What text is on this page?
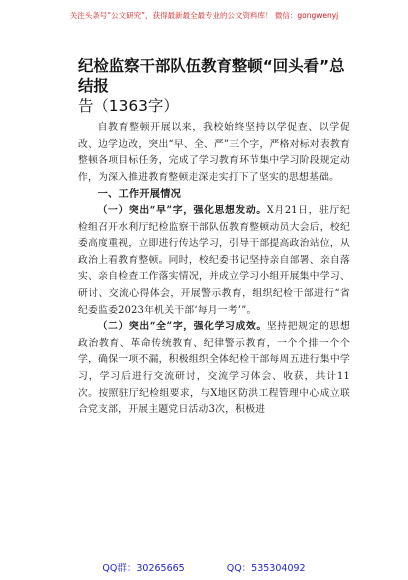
关注头条号“公文研究”，获得最新最全最专业的公文资料库！ 微信：gongwenyj
纪检监察干部队伍教育整顿“回头看”总结报
告（1363字）

自教育整顿开展以来，我校始终坚持以学促查、以学促改、边学边改，突出“早、全、严”三个字，严格对标对表教育整顿各项目标任务，完成了学习教育环节集中学习阶段规定动作，为深入推进教育整顿走深走实打下了坚实的思想基础。

一、工作开展情况

（一）突出“早”字，强化思想发动。X月21日，驻厅纪检组召开水利厅纪检监察干部队伍教育整顿动员大会后，校纪委高度重视，立即进行传达学习，引导干部提高政治站位，从政治上看教育整顿。同时，校纪委书记坚持亲自部署、亲自落实、亲自检查工作落实情况，并成立学习小组开展集中学习、研讨、交流心得体会，开展警示教育，组织纪检干部进行“省纪委监委2023年机关干部‘每月一考’”。

（二）突出“全”字，强化学习成效。坚持把规定的思想政治教育、革命传统教育、纪律警示教育，一个个排一个个学，确保一项不漏，积极组织全体纪检干部每周五进行集中学习，学习后进行交流研讨，交流学习体会、收获，共计11次。按照驻厅纪检组要求，与X地区防洪工程管理中心成立联合党支部，开展主题党日活动3次，积极进

QQ群：30265665	QQ：535304092
